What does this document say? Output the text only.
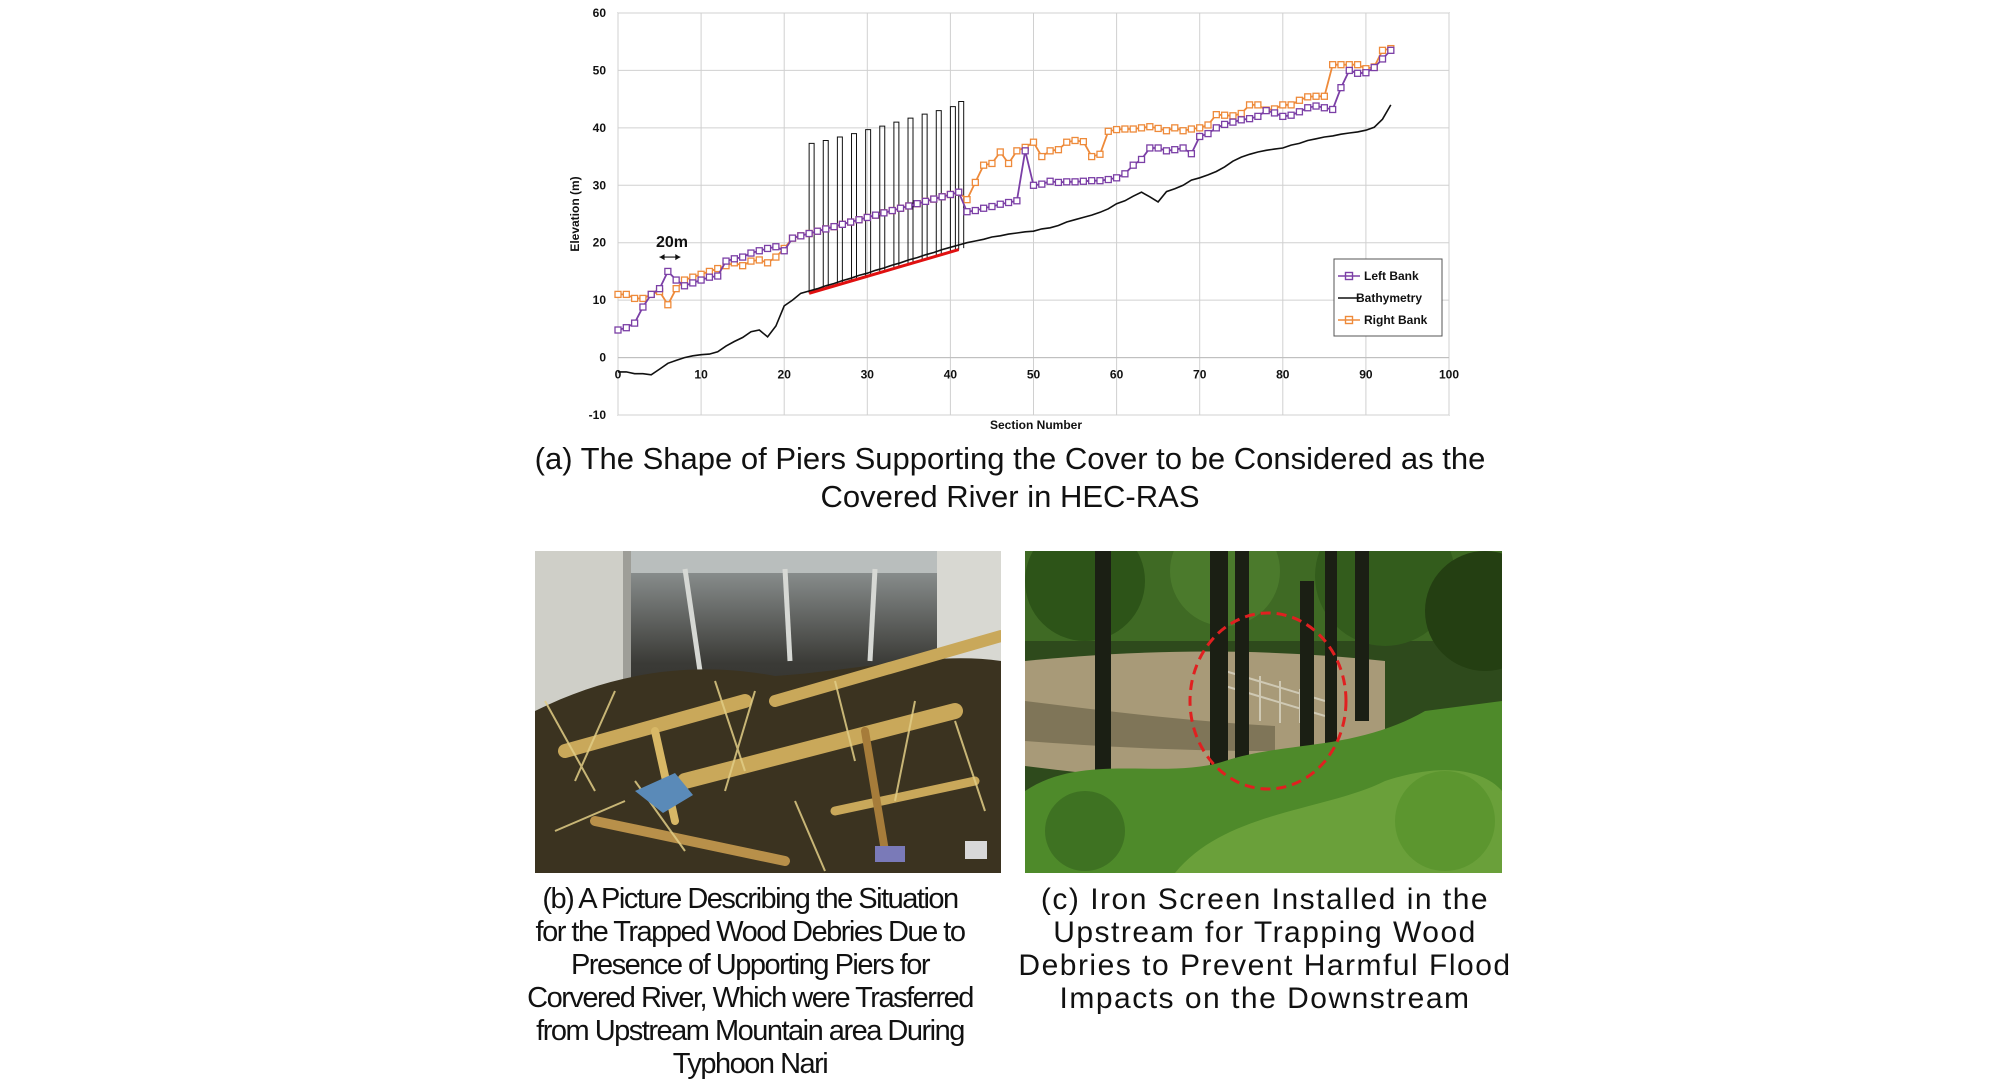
-10
0
10
20
30
40
50
60
0	10	20	30	40	50	60	70	80	90	100
20m
Section Number
Elevation (m)
Left Bank
Bathymetry
Right Bank
(a) The Shape of Piers Supporting the Cover to be Considered as the
Covered River in HEC-RAS
(b) A Picture Describing the Situation
for the Trapped Wood Debries Due to
Presence of Upporting Piers for
Corvered River, Which were Trasferred
from Upstream Mountain area During
Typhoon Nari
(c) Iron Screen Installed in the
Upstream for Trapping Wood
Debries to Prevent Harmful Flood
Impacts on the Downstream
